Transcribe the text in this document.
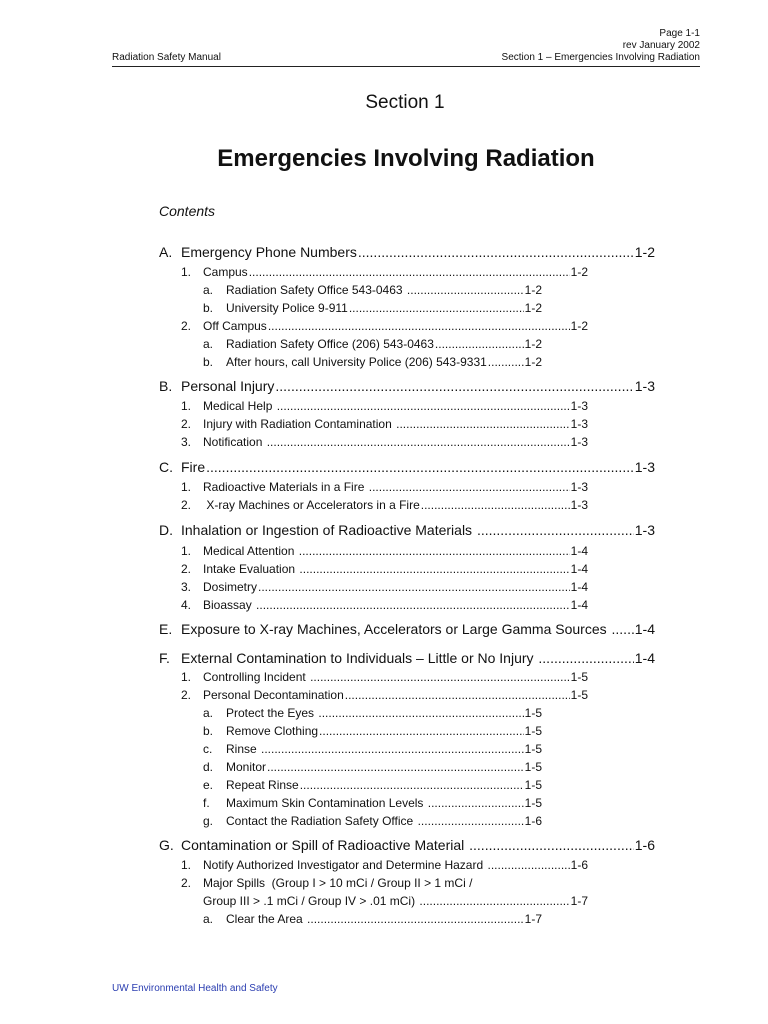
Page 1-1
rev January 2002
Section 1 – Emergencies Involving Radiation
Radiation Safety Manual
Section 1
Emergencies Involving Radiation
Contents
A. Emergency Phone Numbers .....	1-2
1. Campus .....	1-2
a.	Radiation Safety Office 543-0463 .....	1-2
b.	University Police 9-911 .....	1-2
2. Off Campus .....	1-2
a.	Radiation Safety Office (206) 543-0463 .....	1-2
b.	After hours, call University Police (206) 543-9331 .....	1-2
B. Personal Injury .....	1-3
1. Medical Help .....	1-3
2. Injury with Radiation Contamination .....	1-3
3. Notification .....	1-3
C. Fire .....	1-3
1. Radioactive Materials in a Fire .....	1-3
2. X-ray Machines or Accelerators in a Fire .....	1-3
D. Inhalation or Ingestion of Radioactive Materials .....	1-3
1. Medical Attention .....	1-4
2. Intake Evaluation .....	1-4
3. Dosimetry .....	1-4
4. Bioassay .....	1-4
E. Exposure to X-ray Machines, Accelerators or Large Gamma Sources ..... 1-4
F. External Contamination to Individuals – Little or No Injury .....	1-4
1. Controlling Incident .....	1-5
2. Personal Decontamination .....	1-5
a.	Protect the Eyes .....	1-5
b.	Remove Clothing .....	1-5
c.	Rinse .....	1-5
d.	Monitor .....	1-5
e.	Repeat Rinse .....	1-5
f.	Maximum Skin Contamination Levels .....	1-5
g.	Contact the Radiation Safety Office .....	1-6
G. Contamination or Spill of Radioactive Material .....	1-6
1. Notify Authorized Investigator and Determine Hazard .....	1-6
2. Major Spills  (Group I > 10 mCi / Group II > 1 mCi /
Group III > .1 mCi / Group IV > .01 mCi) .....	1-7
a.	Clear the Area .....	1-7
UW Environmental Health and Safety
